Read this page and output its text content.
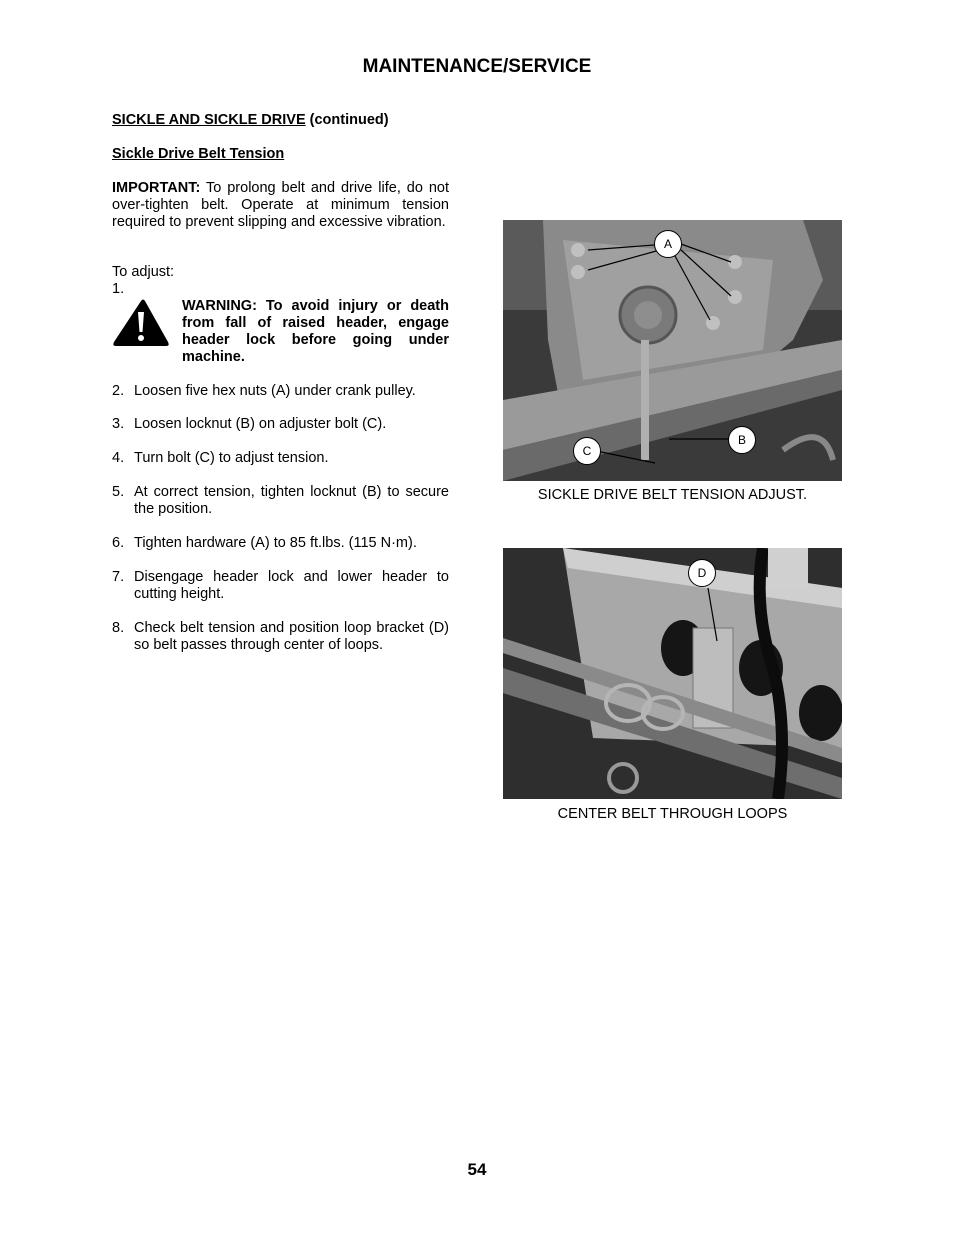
MAINTENANCE/SERVICE
SICKLE AND SICKLE DRIVE (continued)
Sickle Drive Belt Tension
IMPORTANT: To prolong belt and drive life, do not over-tighten belt. Operate at minimum tension required to prevent slipping and excessive vibration.
To adjust:
1.
WARNING: To avoid injury or death from fall of raised header, engage header lock before going under machine.
2. Loosen five hex nuts (A) under crank pulley.
3. Loosen locknut (B) on adjuster bolt (C).
4. Turn bolt (C) to adjust tension.
5. At correct tension, tighten locknut (B) to secure the position.
6. Tighten hardware (A) to 85 ft.lbs. (115 N·m).
7. Disengage header lock and lower header to cutting height.
8. Check belt tension and position loop bracket (D) so belt passes through center of loops.
A
B
C
SICKLE DRIVE BELT TENSION ADJUST.
D
CENTER BELT THROUGH LOOPS
54
